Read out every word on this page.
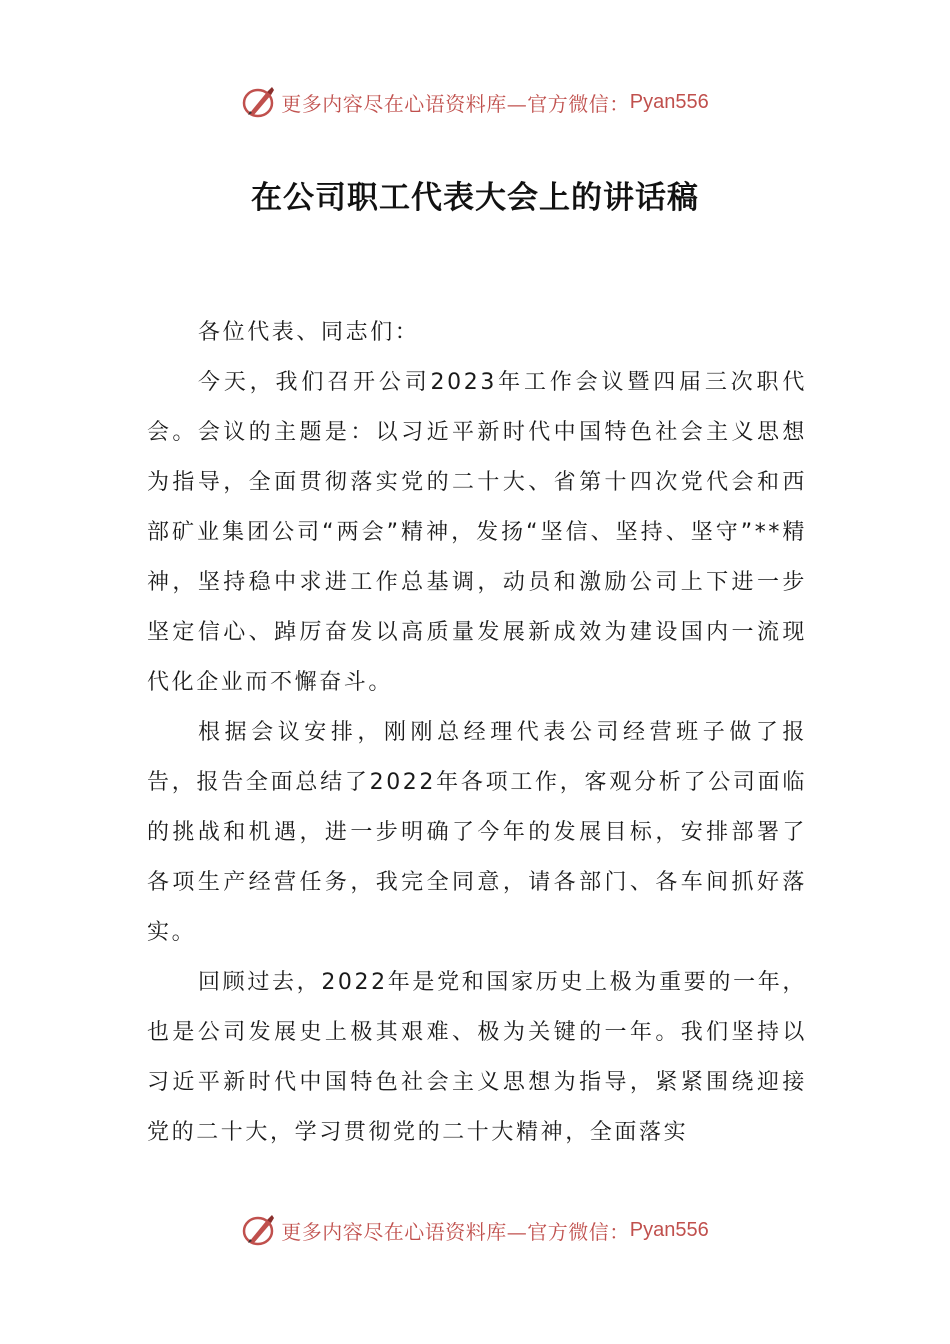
更多内容尽在心语资料库—官方微信： Pyan556
在公司职工代表大会上的讲话稿

各位代表、同志们：

今天，我们召开公司2023年工作会议暨四届三次职代会。会议的主题是：以习近平新时代中国特色社会主义思想为指导，全面贯彻落实党的二十大、省第十四次党代会和西部矿业集团公司“两会”精神，发扬“坚信、坚持、坚守”**精神，坚持稳中求进工作总基调，动员和激励公司上下进一步坚定信心、踔厉奋发以高质量发展新成效为建设国内一流现代化企业而不懈奋斗。

根据会议安排，刚刚总经理代表公司经营班子做了报告，报告全面总结了2022年各项工作，客观分析了公司面临的挑战和机遇，进一步明确了今年的发展目标，安排部署了各项生产经营任务，我完全同意，请各部门、各车间抓好落实。

回顾过去，2022年是党和国家历史上极为重要的一年，也是公司发展史上极其艰难、极为关键的一年。我们坚持以习近平新时代中国特色社会主义思想为指导，紧紧围绕迎接党的二十大，学习贯彻党的二十大精神，全面落实

更多内容尽在心语资料库—官方微信： Pyan556
